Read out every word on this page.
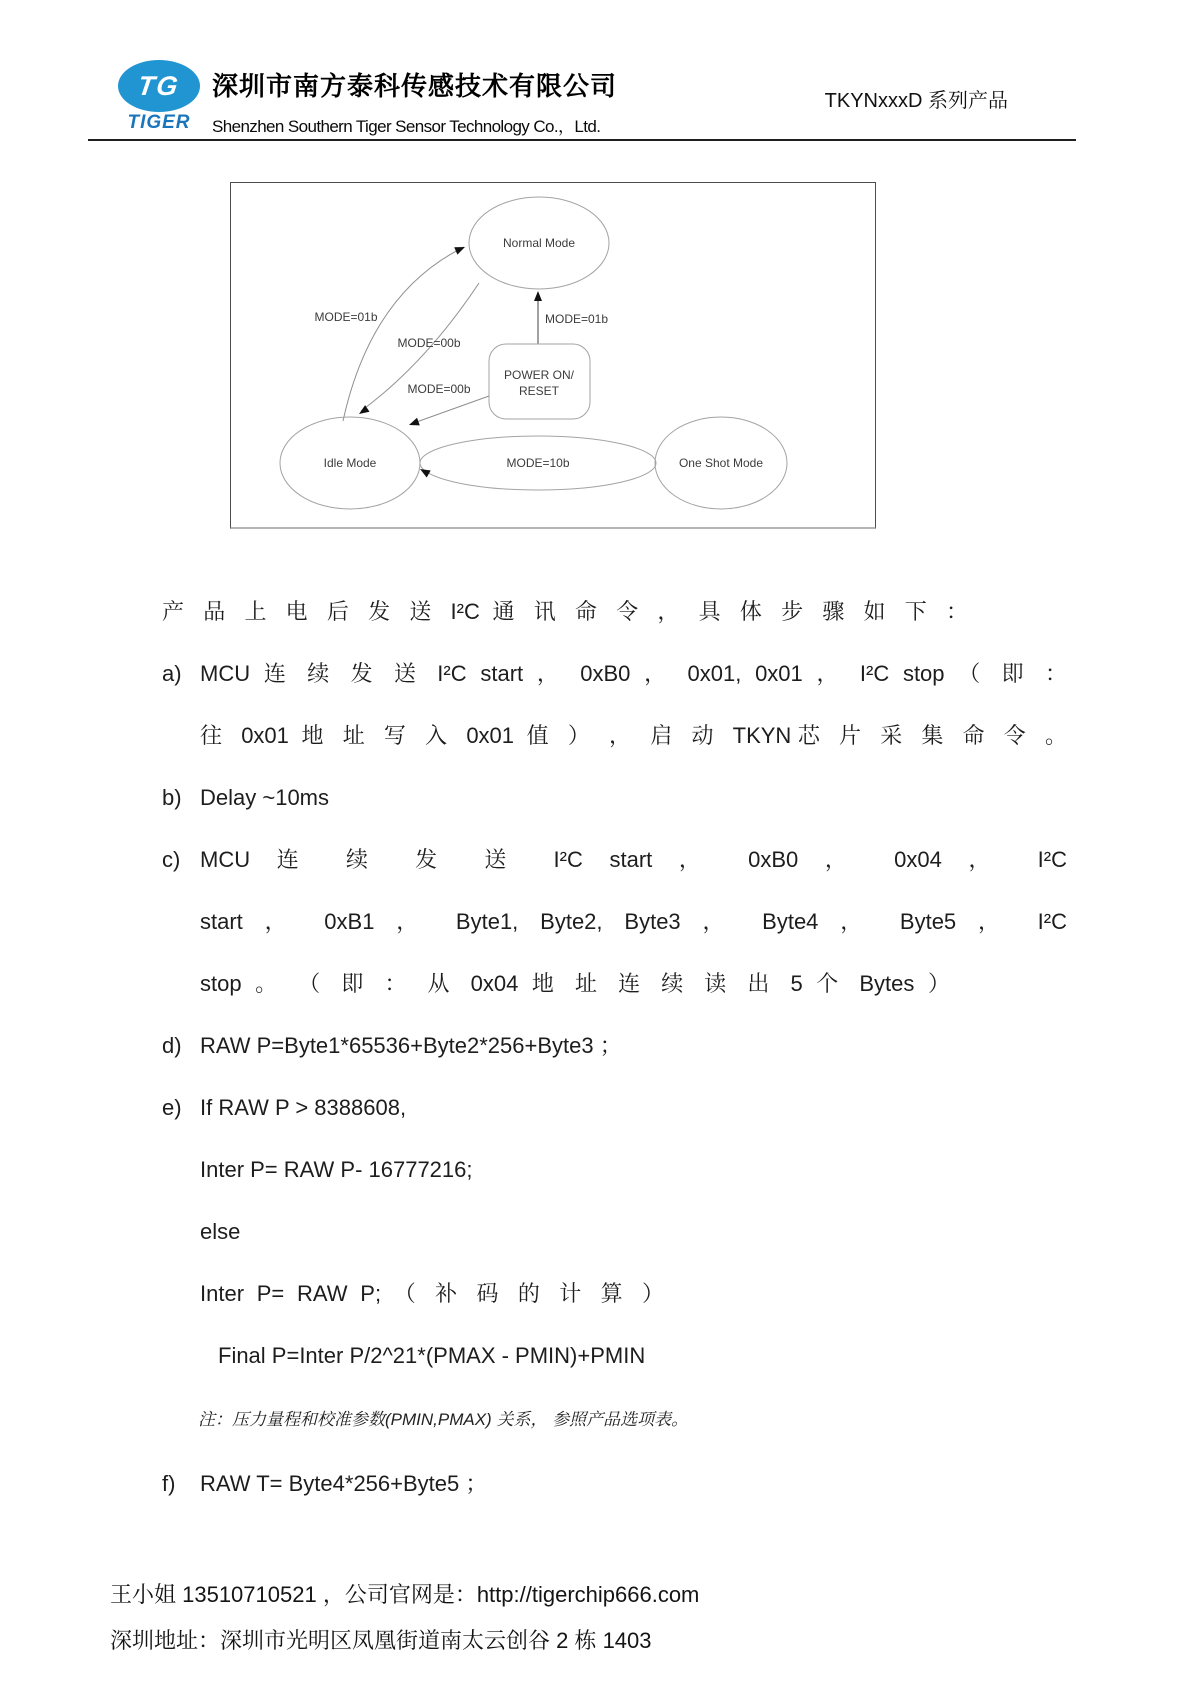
TG
TIGER
深圳市南方泰科传感技术有限公司
Shenzhen Southern Tiger Sensor Technology Co.，Ltd.
TKYNxxxD 系列产品
Normal Mode
Idle Mode	One Shot Mode
POWER ON/
RESET
MODE=01b
MODE=00b
MODE=00b
MODE=01b
MODE=10b
产 品 上 电 后 发 送 I²C 通 讯 命 令 ， 具 体 步 骤 如 下 ：
a) MCU 连 续 发 送 I²C start ， 0xB0 ， 0x01, 0x01 ， I²C stop （ 即 ：
往 0x01 地 址 写 入 0x01 值 ） ， 启 动 TKYN芯 片 采 集 命 令 。
b) Delay ~10ms
c) MCU 连 续 发 送 I²C start ， 0xB0 ， 0x04 ， I²C
start ， 0xB1 ， Byte1, Byte2, Byte3 ， Byte4 ， Byte5 ， I²C
stop 。 （ 即 ： 从 0x04 地 址 连 续 读 出 5 个 Bytes ）
d) RAW P=Byte1*65536+Byte2*256+Byte3 ；
e) If RAW P > 8388608,
Inter P= RAW P- 16777216;
else
Inter P= RAW P; （ 补 码 的 计 算 ）
Final P=Inter P/2^21*(PMAX - PMIN)+PMIN
注：压力量程和校准参数(PMIN,PMAX) 关系， 参照产品选项表。
f) RAW T= Byte4*256+Byte5 ；
王小姐 13510710521 ，公司官网是：http://tigerchip666.com
深圳地址：深圳市光明区凤凰街道南太云创谷 2 栋 1403
